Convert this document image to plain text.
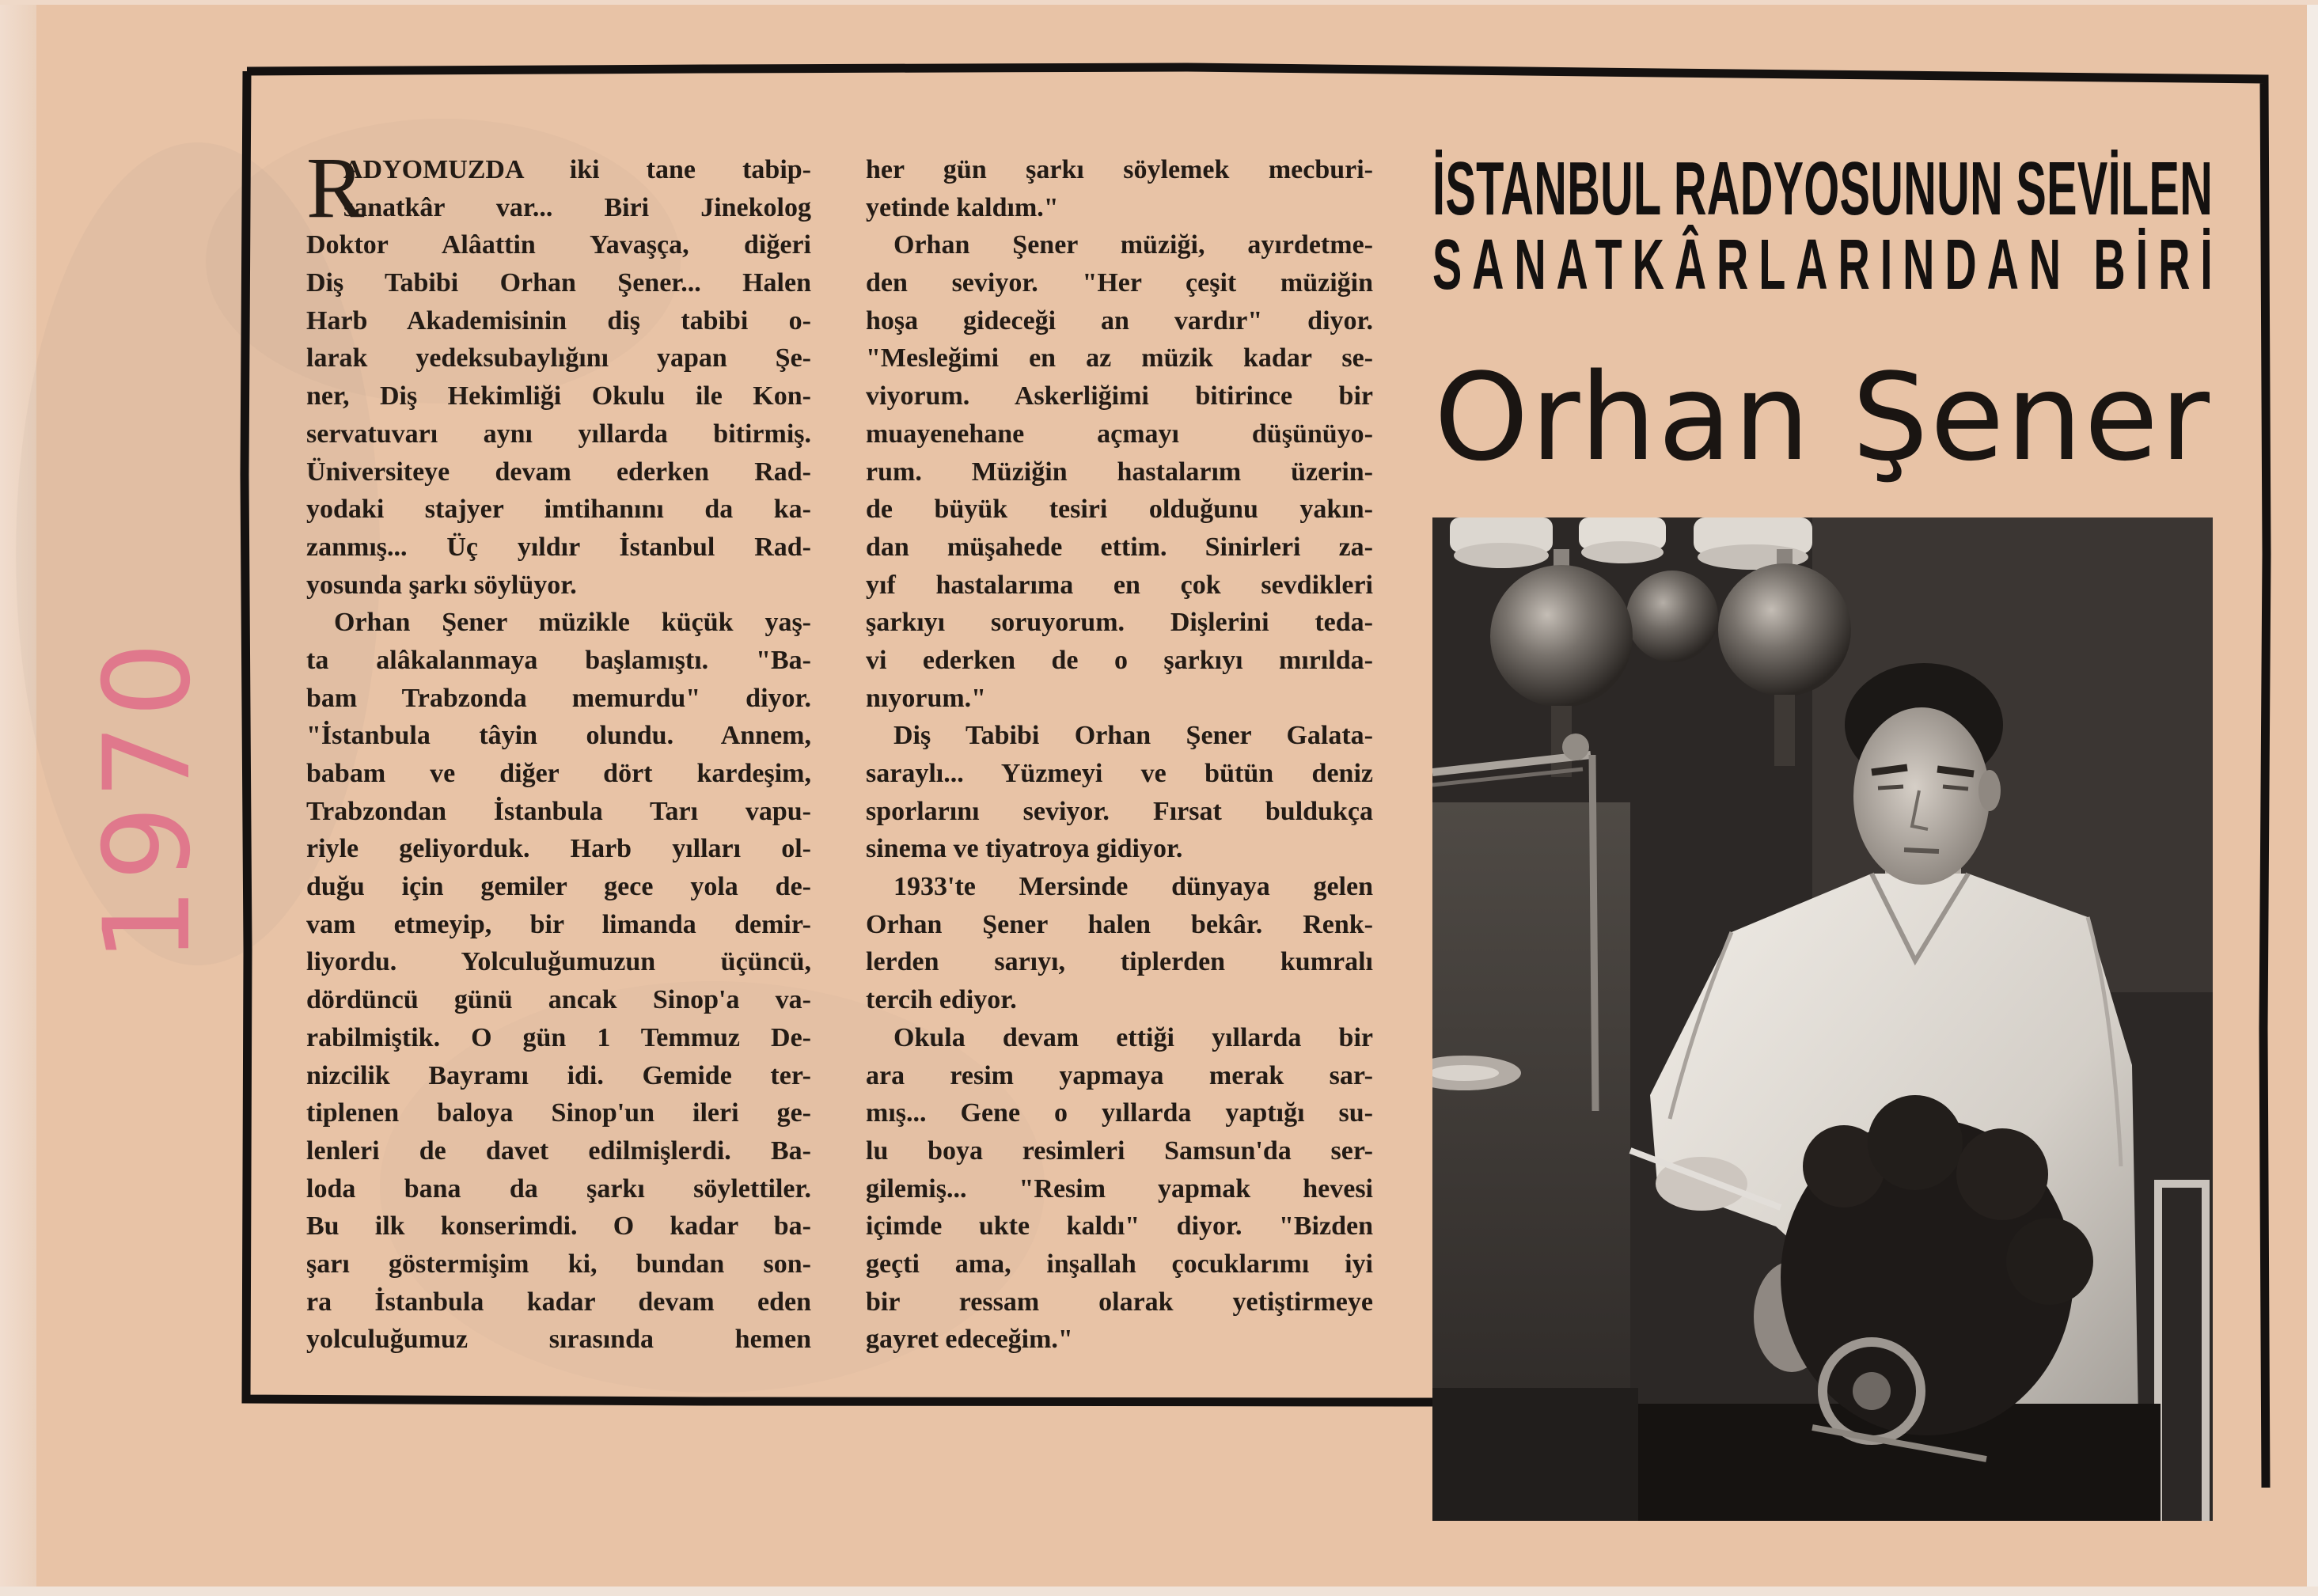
1970
R
ADYOMUZDA iki tane tabip-
sanatkâr var... Biri Jinekolog
Doktor Alâattin Yavaşça, diğeri
Diş Tabibi Orhan Şener... Halen
Harb Akademisinin diş tabibi o-
larak yedeksubaylığını yapan Şe-
ner, Diş Hekimliği Okulu ile Kon-
servatuvarı aynı yıllarda bitirmiş.
Üniversiteye devam ederken Rad-
yodaki stajyer imtihanını da ka-
zanmış... Üç yıldır İstanbul Rad-
yosunda şarkı söylüyor.
Orhan Şener müzikle küçük yaş-
ta alâkalanmaya başlamıştı. "Ba-
bam Trabzonda memurdu" diyor.
"İstanbula tâyin olundu. Annem,
babam ve diğer dört kardeşim,
Trabzondan İstanbula Tarı vapu-
riyle geliyorduk. Harb yılları ol-
duğu için gemiler gece yola de-
vam etmeyip, bir limanda demir-
liyordu. Yolculuğumuzun üçüncü,
dördüncü günü ancak Sinop'a va-
rabilmiştik. O gün 1 Temmuz De-
nizcilik Bayramı idi. Gemide ter-
tiplenen baloya Sinop'un ileri ge-
lenleri de davet edilmişlerdi. Ba-
loda bana da şarkı söylettiler.
Bu ilk konserimdi. O kadar ba-
şarı göstermişim ki, bundan son-
ra İstanbula kadar devam eden
yolculuğumuz sırasında hemen
her gün şarkı söylemek mecburi-
yetinde kaldım."
Orhan Şener müziği, ayırdetme-
den seviyor. "Her çeşit müziğin
hoşa gideceği an vardır" diyor.
"Mesleğimi en az müzik kadar se-
viyorum. Askerliğimi bitirince bir
muayenehane açmayı düşünüyo-
rum. Müziğin hastalarım üzerin-
de büyük tesiri olduğunu yakın-
dan müşahede ettim. Sinirleri za-
yıf hastalarıma en çok sevdikleri
şarkıyı soruyorum. Dişlerini teda-
vi ederken de o şarkıyı mırılda-
nıyorum."
Diş Tabibi Orhan Şener Galata-
saraylı... Yüzmeyi ve bütün deniz
sporlarını seviyor. Fırsat buldukça
sinema ve tiyatroya gidiyor.
1933'te Mersinde dünyaya gelen
Orhan Şener halen bekâr. Renk-
lerden sarıyı, tiplerden kumralı
tercih ediyor.
Okula devam ettiği yıllarda bir
ara resim yapmaya merak sar-
mış... Gene o yıllarda yaptığı su-
lu boya resimleri Samsun'da ser-
gilemiş... "Resim yapmak hevesi
içimde ukte kaldı" diyor. "Bizden
geçti ama, inşallah çocuklarımı iyi
bir ressam olarak yetiştirmeye
gayret edeceğim."
İSTANBUL RADYOSUNUN SEVİLEN
SANATKÂRLARINDAN BİRİ
Orhan Şener
